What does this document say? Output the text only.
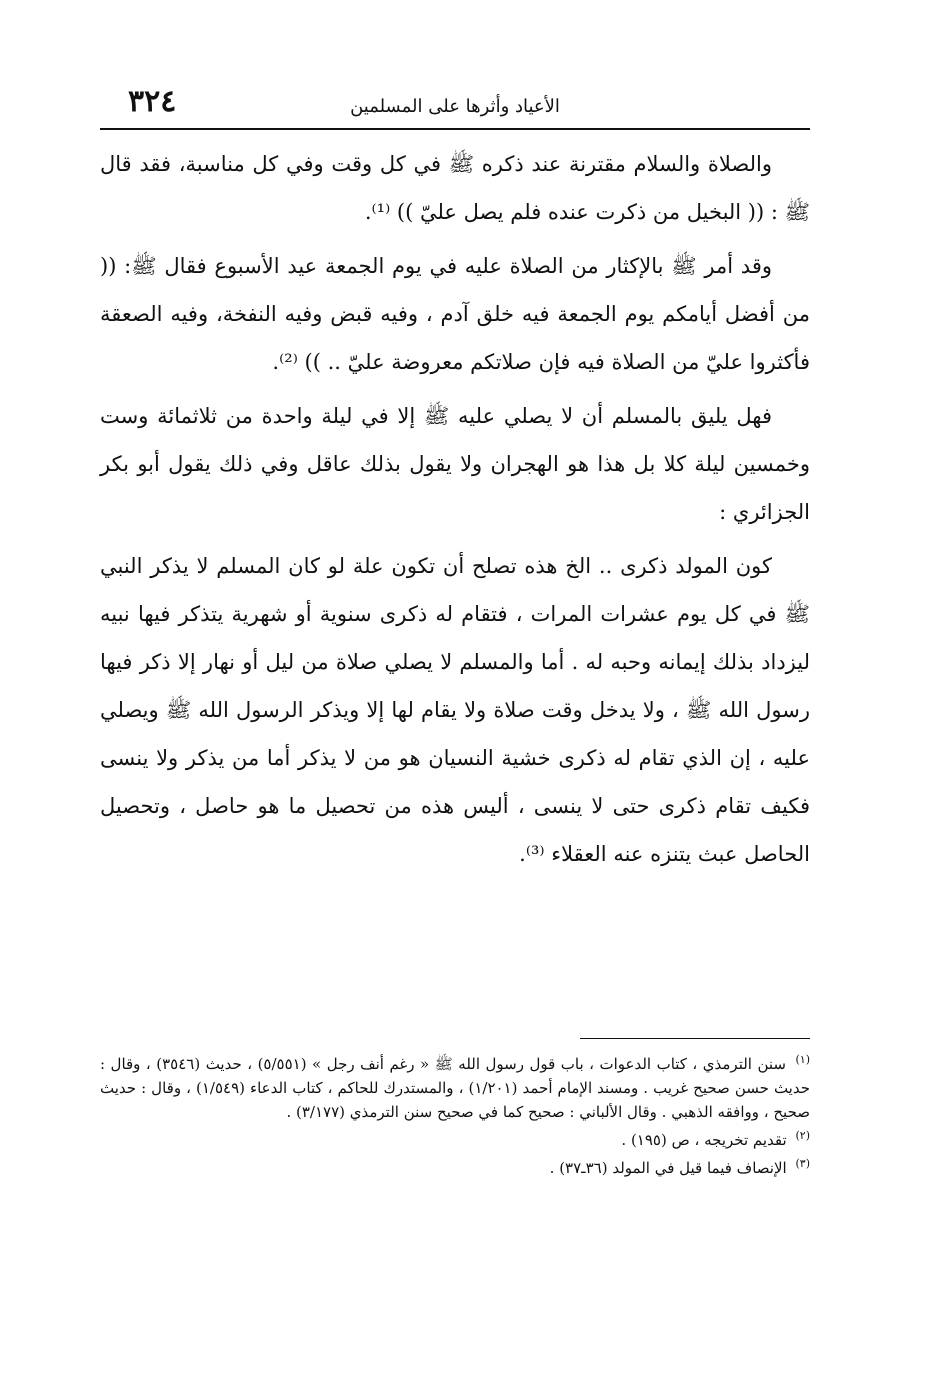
٣٢٤	الأعياد وأثرها على المسلمين

والصلاة والسلام مقترنة عند ذكره ﷺ في كل وقت وفي كل مناسبة، فقد قال ﷺ : (( البخيل من ذكرت عنده فلم يصل عليّ )) ⁽¹⁾.

وقد أمر ﷺ بالإكثار من الصلاة عليه في يوم الجمعة عيد الأسبوع فقال ﷺ: (( من أفضل أيامكم يوم الجمعة فيه خلق آدم ، وفيه قبض وفيه النفخة، وفيه الصعقة فأكثروا عليّ من الصلاة فيه فإن صلاتكم معروضة عليّ .. )) ⁽²⁾.

فهل يليق بالمسلم أن لا يصلي عليه ﷺ إلا في ليلة واحدة من ثلاثمائة وست وخمسين ليلة كلا بل هذا هو الهجران ولا يقول بذلك عاقل وفي ذلك يقول أبو بكر الجزائري :

كون المولد ذكرى .. الخ هذه تصلح أن تكون علة لو كان المسلم لا يذكر النبي ﷺ في كل يوم عشرات المرات ، فتقام له ذكرى سنوية أو شهرية يتذكر فيها نبيه ليزداد بذلك إيمانه وحبه له . أما والمسلم لا يصلي صلاة من ليل أو نهار إلا ذكر فيها رسول الله ﷺ ، ولا يدخل وقت صلاة ولا يقام لها إلا ويذكر الرسول الله ﷺ ويصلي عليه ، إن الذي تقام له ذكرى خشية النسيان هو من لا يذكر أما من يذكر ولا ينسى فكيف تقام ذكرى حتى لا ينسى ، أليس هذه من تحصيل ما هو حاصل ، وتحصيل الحاصل عبث يتنزه عنه العقلاء ⁽³⁾.

$^{(١)}$ سنن الترمذي ، كتاب الدعوات ، باب قول رسول الله ﷺ « رغم أنف رجل » (٥/٥٥١) ، حديث (٣٥٤٦) ، وقال : حديث حسن صحيح غريب . ومسند الإمام أحمد (١/٢٠١) ، والمستدرك للحاكم ، كتاب الدعاء (١/٥٤٩) ، وقال : حديث صحيح ، ووافقه الذهبي . وقال الألباني : صحيح كما في صحيح سنن الترمذي (٣/١٧٧) .

$^{(٢)}$ تقديم تخريجه ، ص (١٩٥) .

$^{(٣)}$ الإنصاف فيما قيل في المولد (٣٦ـ٣٧) .
